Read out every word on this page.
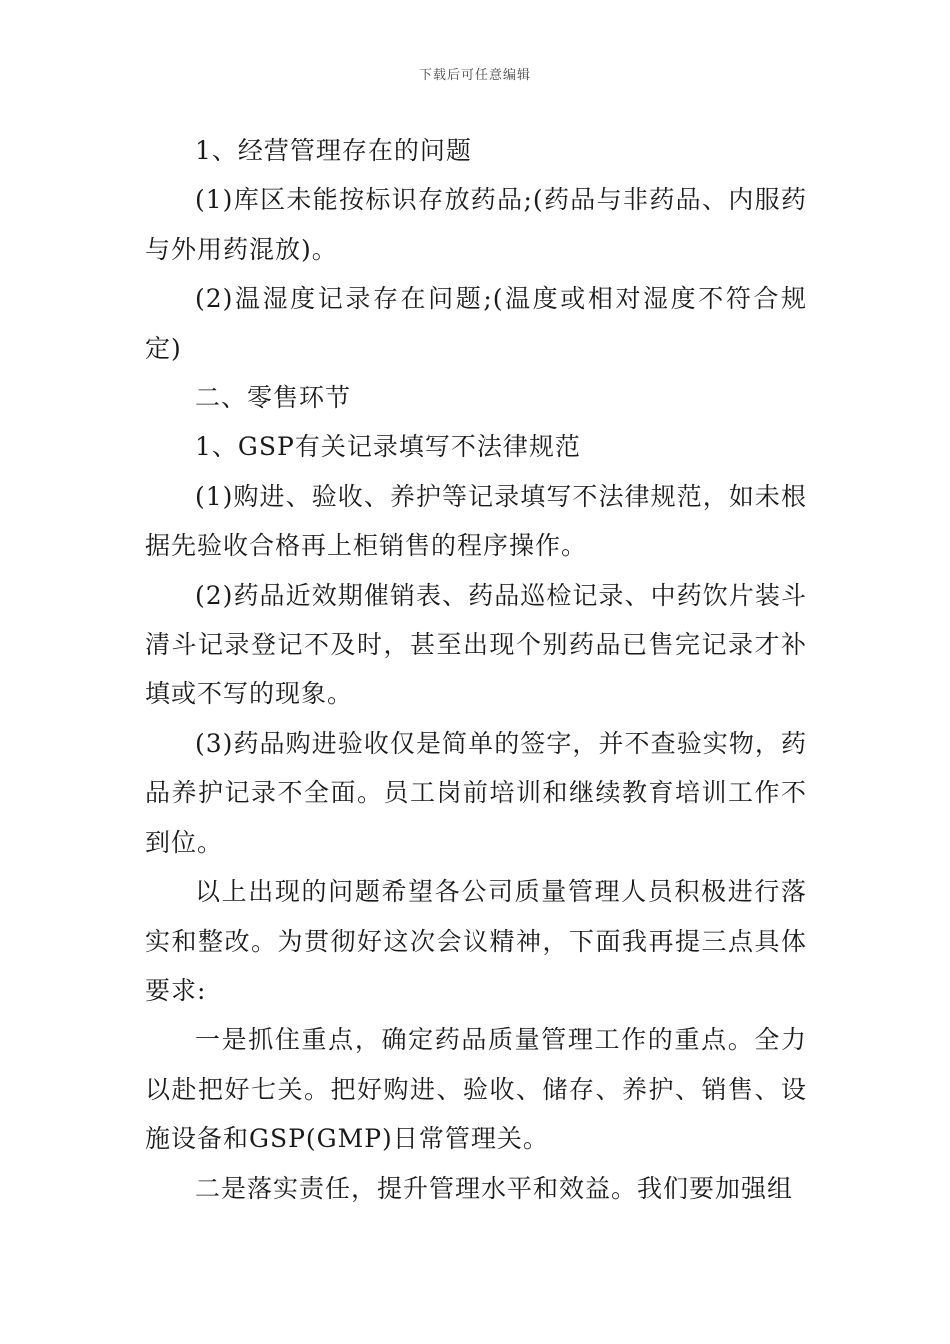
下载后可任意编辑

1、经营管理存在的问题

(1)库区未能按标识存放药品;(药品与非药品、内服药与外用药混放)。

(2)温湿度记录存在问题;(温度或相对湿度不符合规定)

二、零售环节

1、GSP有关记录填写不法律规范

(1)购进、验收、养护等记录填写不法律规范，如未根据先验收合格再上柜销售的程序操作。

(2)药品近效期催销表、药品巡检记录、中药饮片装斗清斗记录登记不及时，甚至出现个别药品已售完记录才补填或不写的现象。

(3)药品购进验收仅是简单的签字，并不查验实物，药品养护记录不全面。员工岗前培训和继续教育培训工作不到位。

以上出现的问题希望各公司质量管理人员积极进行落实和整改。为贯彻好这次会议精神，下面我再提三点具体要求:

一是抓住重点，确定药品质量管理工作的重点。全力以赴把好七关。把好购进、验收、储存、养护、销售、设施设备和GSP(GMP)日常管理关。

二是落实责任，提升管理水平和效益。我们要加强组
